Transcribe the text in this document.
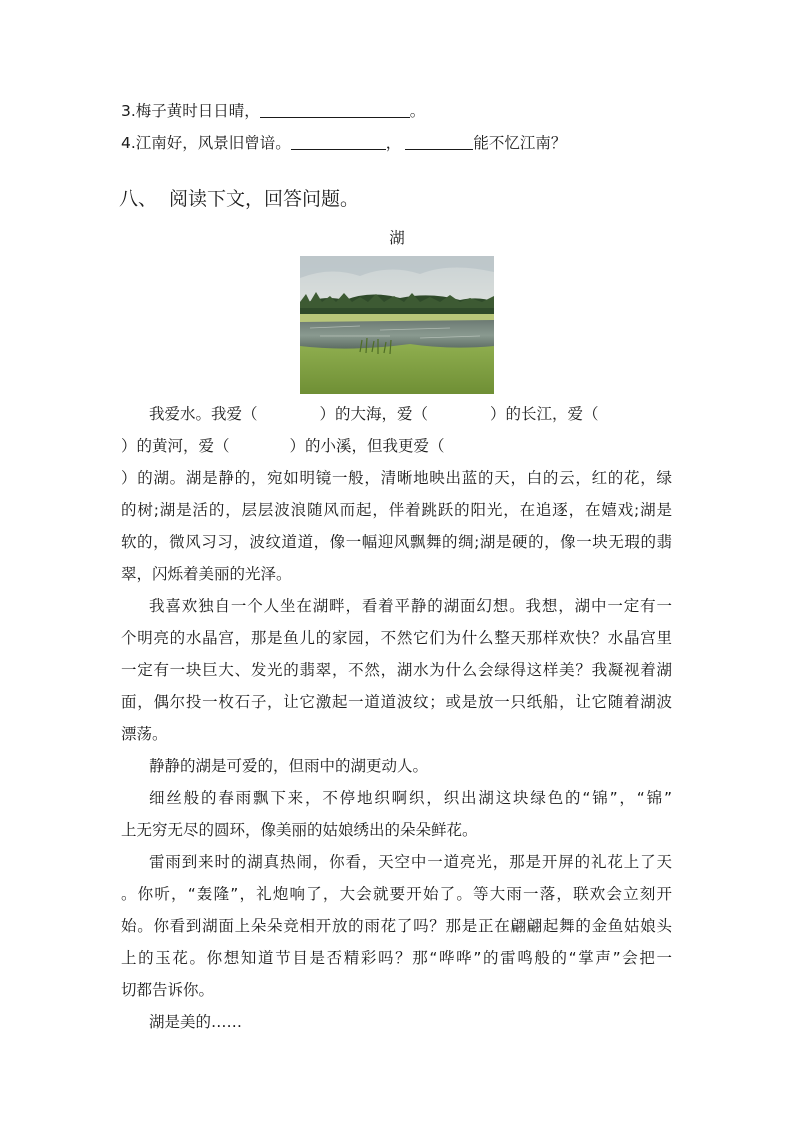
3.梅子黄时日日晴，	。
4.江南好，风景旧曾谙。	，	能不忆江南？
八、 阅读下文，回答问题。
湖
我爱水。我爱（	）的大海，爱（	）的长江，爱（
）的黄河，爱（	）的小溪，但我更爱（
）的湖。湖是静的，宛如明镜一般，清晰地映出蓝的天，白的云，红的花，绿
的树;湖是活的，层层波浪随风而起，伴着跳跃的阳光，在追逐，在嬉戏;湖是
软的，微风习习，波纹道道，像一幅迎风飘舞的绸;湖是硬的，像一块无瑕的翡
翠，闪烁着美丽的光泽。
我喜欢独自一个人坐在湖畔，看着平静的湖面幻想。我想，湖中一定有一
个明亮的水晶宫，那是鱼儿的家园，不然它们为什么整天那样欢快？水晶宫里
一定有一块巨大、发光的翡翠，不然，湖水为什么会绿得这样美？我凝视着湖
面，偶尔投一枚石子，让它激起一道道波纹；或是放一只纸船，让它随着湖波
漂荡。
静静的湖是可爱的，但雨中的湖更动人。
细丝般的春雨飘下来，不停地织啊织，织出湖这块绿色的“锦”，“锦”
上无穷无尽的圆环，像美丽的姑娘绣出的朵朵鲜花。
雷雨到来时的湖真热闹，你看，天空中一道亮光，那是开屏的礼花上了天
。你听，“轰隆”，礼炮响了，大会就要开始了。等大雨一落，联欢会立刻开
始。你看到湖面上朵朵竞相开放的雨花了吗？那是正在翩翩起舞的金鱼姑娘头
上的玉花。你想知道节目是否精彩吗？那“哗哗”的雷鸣般的“掌声”会把一
切都告诉你。
湖是美的……
